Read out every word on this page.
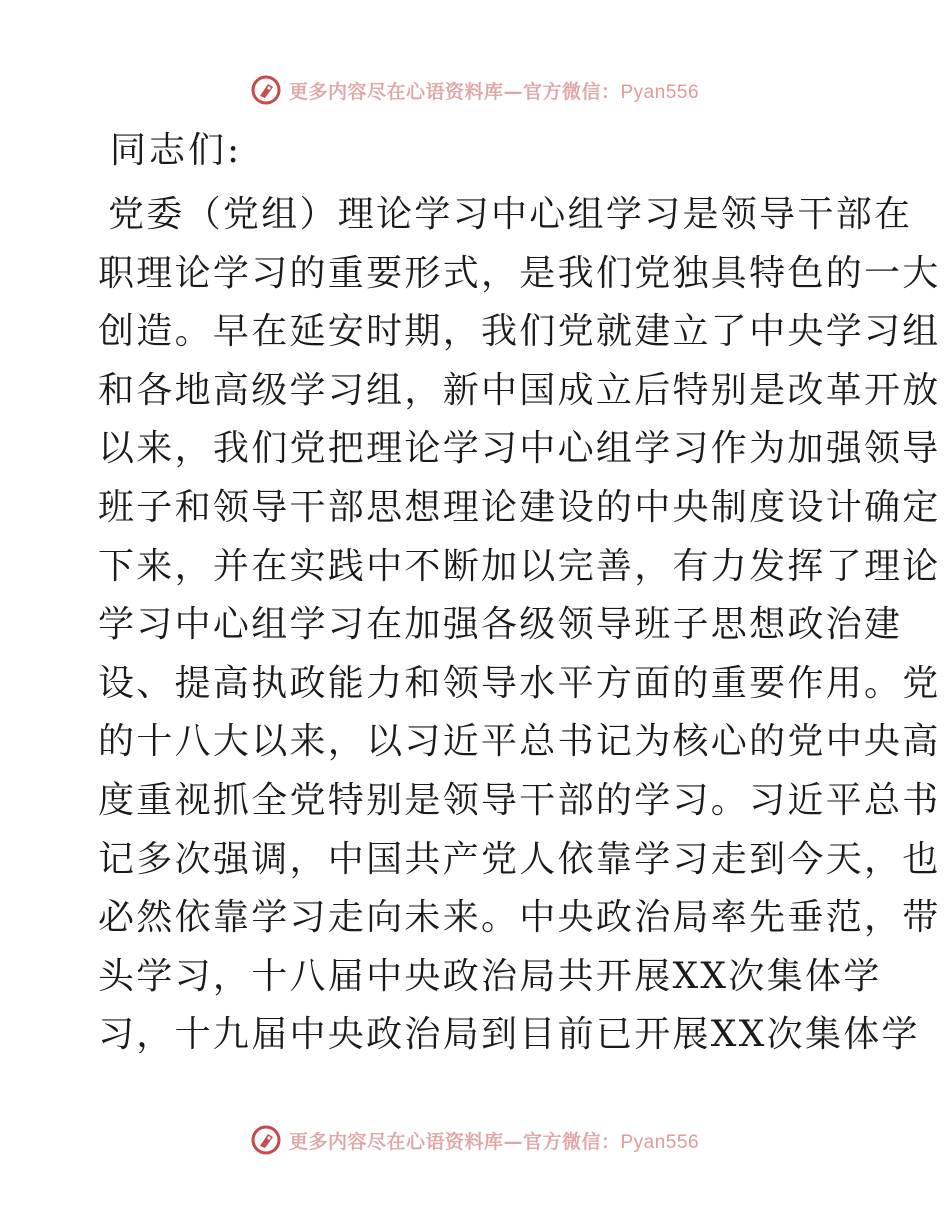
更多内容尽在心语资料库—官方微信：Pyan556
同志们:
党委（党组）理论学习中心组学习是领导干部在
职理论学习的重要形式，是我们党独具特色的一大
创造。早在延安时期，我们党就建立了中央学习组
和各地高级学习组，新中国成立后特别是改革开放
以来，我们党把理论学习中心组学习作为加强领导
班子和领导干部思想理论建设的中央制度设计确定
下来，并在实践中不断加以完善，有力发挥了理论
学习中心组学习在加强各级领导班子思想政治建
设、提高执政能力和领导水平方面的重要作用。党
的十八大以来，以习近平总书记为核心的党中央高
度重视抓全党特别是领导干部的学习。习近平总书
记多次强调，中国共产党人依靠学习走到今天，也
必然依靠学习走向未来。中央政治局率先垂范，带
头学习，十八届中央政治局共开展XX次集体学
习，十九届中央政治局到目前已开展XX次集体学
更多内容尽在心语资料库—官方微信：Pyan556
